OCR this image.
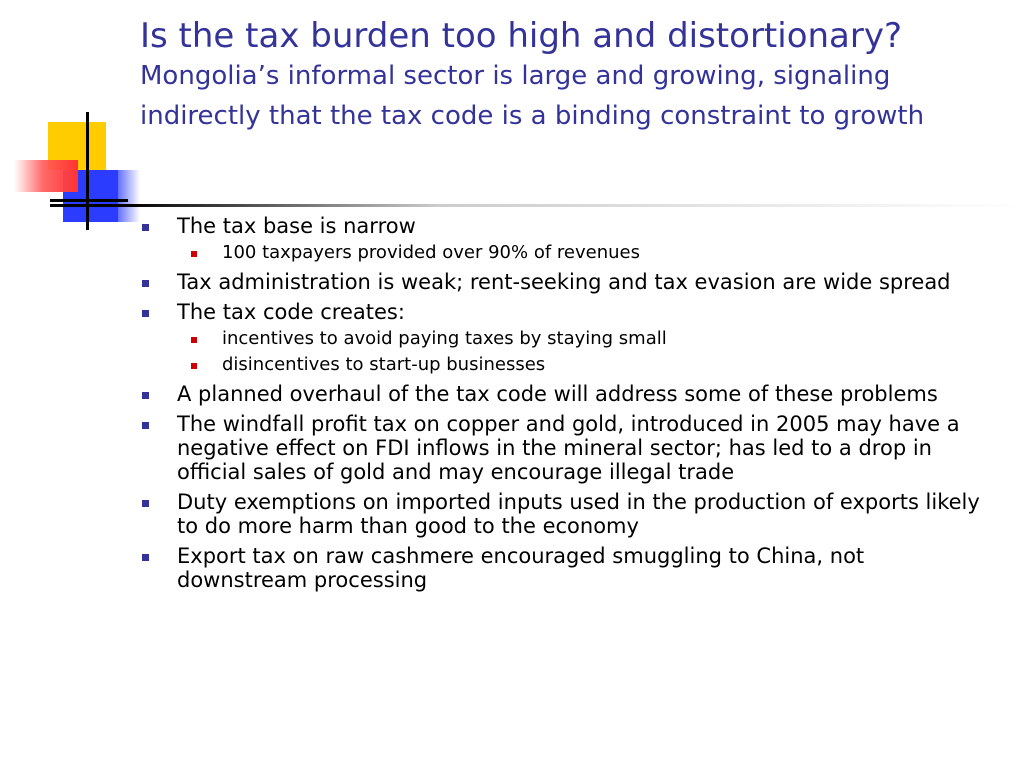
Is the tax burden too high and distortionary?
Mongolia’s informal sector is large and growing, signaling indirectly that the tax code is a binding constraint to growth
The tax base is narrow
100 taxpayers provided over 90% of revenues
Tax administration is weak; rent-seeking and tax evasion are wide spread
The tax code creates:
incentives to avoid paying taxes by staying small
disincentives to start-up businesses
A planned overhaul of the tax code will address some of these problems
The windfall profit tax on copper and gold, introduced in 2005 may have a negative effect on FDI inflows in the mineral sector; has led to a drop in official sales of gold and may encourage illegal trade
Duty exemptions on imported inputs used in the production of exports likely to do more harm than good to the economy
Export tax on raw cashmere encouraged smuggling to China, not downstream processing
